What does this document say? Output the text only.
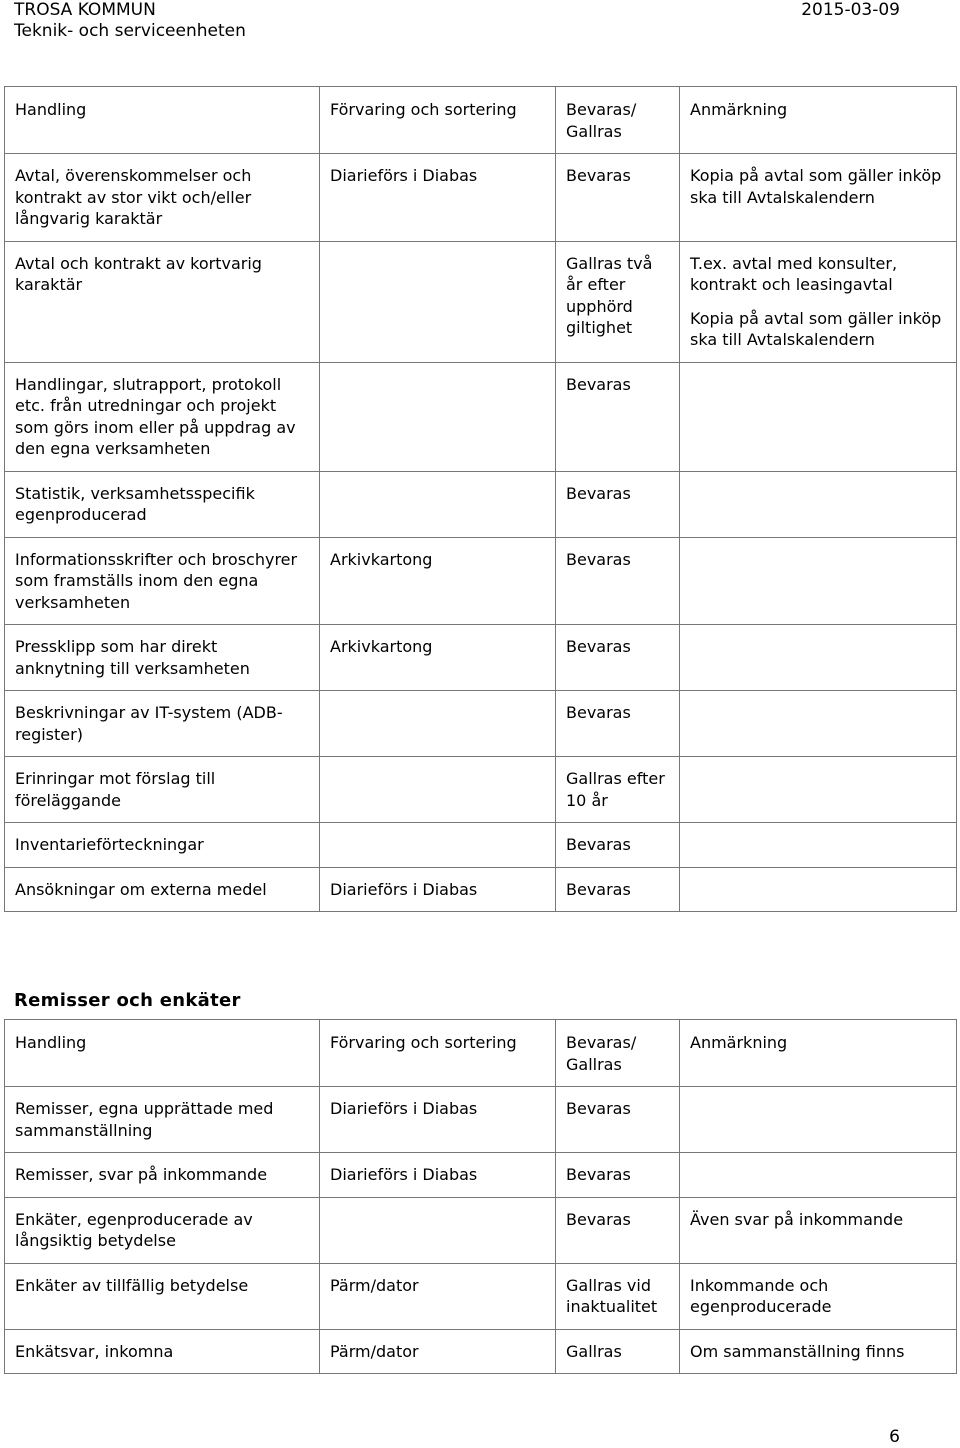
TROSA KOMMUN
Teknik- och serviceenheten
2015-03-09
Handling	Förvaring och sortering	Bevaras/ Gallras	Anmärkning
Avtal, överenskommelser och kontrakt av stor vikt och/eller långvarig karaktär	Diarieförs i Diabas	Bevaras	Kopia på avtal som gäller inköp ska till Avtalskalendern
Avtal och kontrakt av kortvarig karaktär		Gallras två år efter upphörd giltighet	T.ex. avtal med konsulter, kontrakt och leasingavtal
Kopia på avtal som gäller inköp ska till Avtalskalendern

Handlingar, slutrapport, protokoll etc. från utredningar och projekt som görs inom eller på uppdrag av den egna verksamheten		Bevaras	
Statistik, verksamhetsspecifik egenproducerad		Bevaras	
Informationsskrifter och broschyrer som framställs inom den egna verksamheten	Arkivkartong	Bevaras	
Pressklipp som har direkt anknytning till verksamheten	Arkivkartong	Bevaras	
Beskrivningar av IT-system (ADB-register)		Bevaras	
Erinringar mot förslag till föreläggande		Gallras efter 10 år	
Inventarieförteckningar		Bevaras	
Ansökningar om externa medel	Diarieförs i Diabas	Bevaras	
Remisser och enkäter
Handling	Förvaring och sortering	Bevaras/ Gallras	Anmärkning
Remisser, egna upprättade med sammanställning	Diarieförs i Diabas	Bevaras	
Remisser, svar på inkommande	Diarieförs i Diabas	Bevaras	
Enkäter, egenproducerade av långsiktig betydelse		Bevaras	Även svar på inkommande
Enkäter av tillfällig betydelse	Pärm/dator	Gallras vid inaktualitet	Inkommande och egenproducerade
Enkätsvar, inkomna	Pärm/dator	Gallras	Om sammanställning finns
6
